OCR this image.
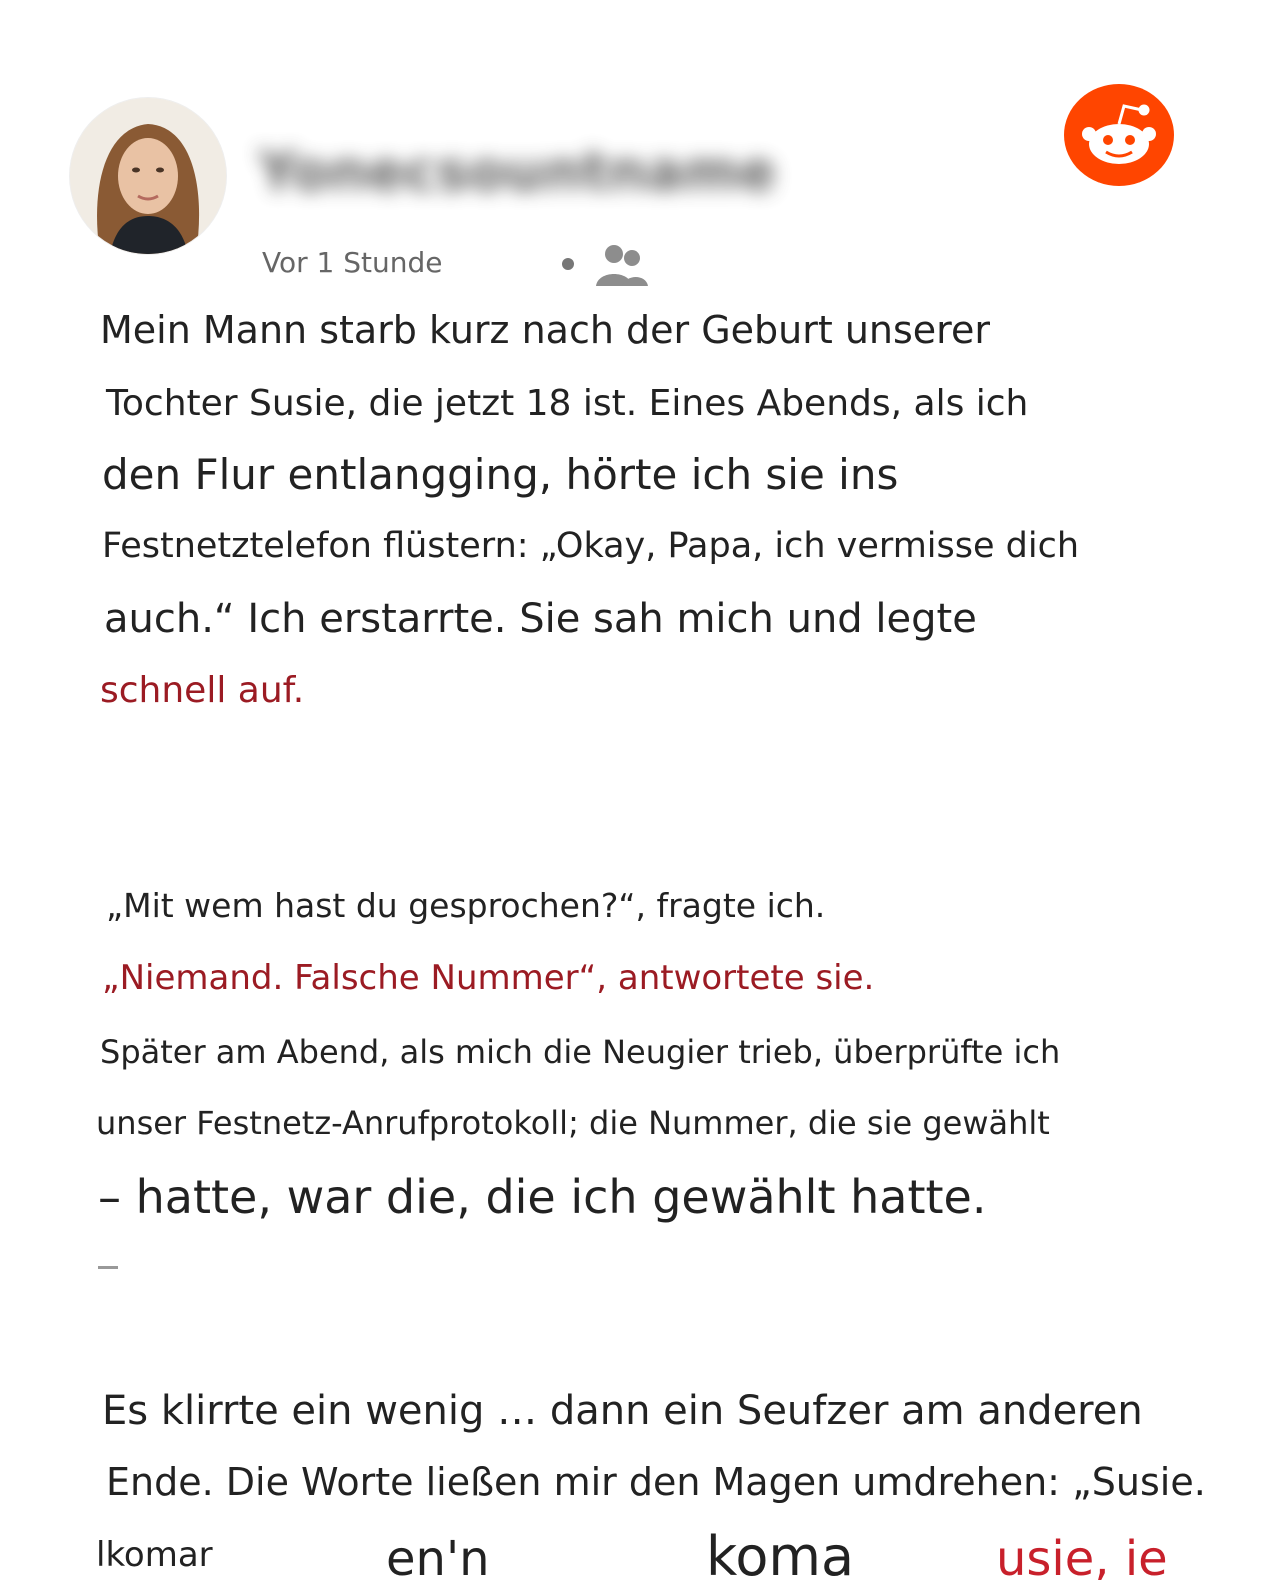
Yonecsountname
Vor 1 Stunde
Mein Mann starb kurz nach der Geburt unserer
Tochter Susie, die jetzt 18 ist. Eines Abends, als ich
den Flur entlangging, hörte ich sie ins
Festnetztelefon flüstern: „Okay, Papa, ich vermisse dich
auch.“ Ich erstarrte. Sie sah mich und legte
schnell auf.
„Mit wem hast du gesprochen?“, fragte ich.
„Niemand. Falsche Nummer“, antwortete sie.
Später am Abend, als mich die Neugier trieb, überprüfte ich
unser Festnetz-Anrufprotokoll; die Nummer, die sie gewählt
– hatte, war die, die ich gewählt hatte.
Es klirrte ein wenig … dann ein Seufzer am anderen
Ende. Die Worte ließen mir den Magen umdrehen: „Susie.
lkomar	en'n	koma	usie, ie
